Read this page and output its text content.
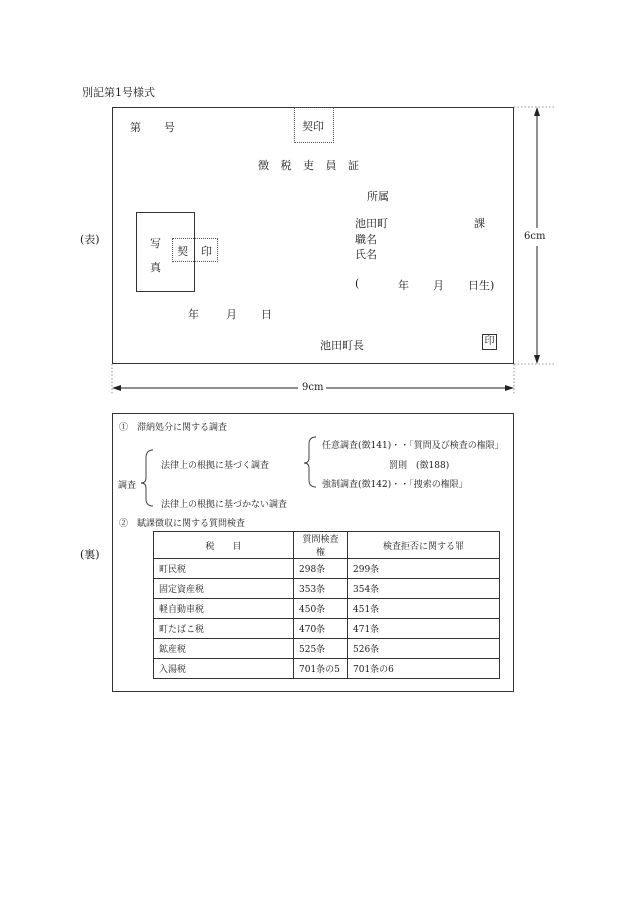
別記第1号様式
(表)
第　号	契印
徴 税 吏 員 証
所属
池田町	課
職名
氏名
(	年 月 日生)
写
真
契 印
年 月 日
池田町長	印
6cm
9cm
(裏)
①　滞納処分に関する調査
任意調査(徴141)・・「質問及び検査の権限」
法律上の根拠に基づく調査	罰則　(徴188)
調査	強制調査(徴142)・・「捜索の権限」
法律上の根拠に基づかない調査
②　賦課徴収に関する質問検査
税　　目	質問検査権	検査拒否に関する罪
町民税	298条	299条
固定資産税	353条	354条
軽自動車税	450条	451条
町たばこ税	470条	471条
鉱産税	525条	526条
入湯税	701条の5	701条の6
